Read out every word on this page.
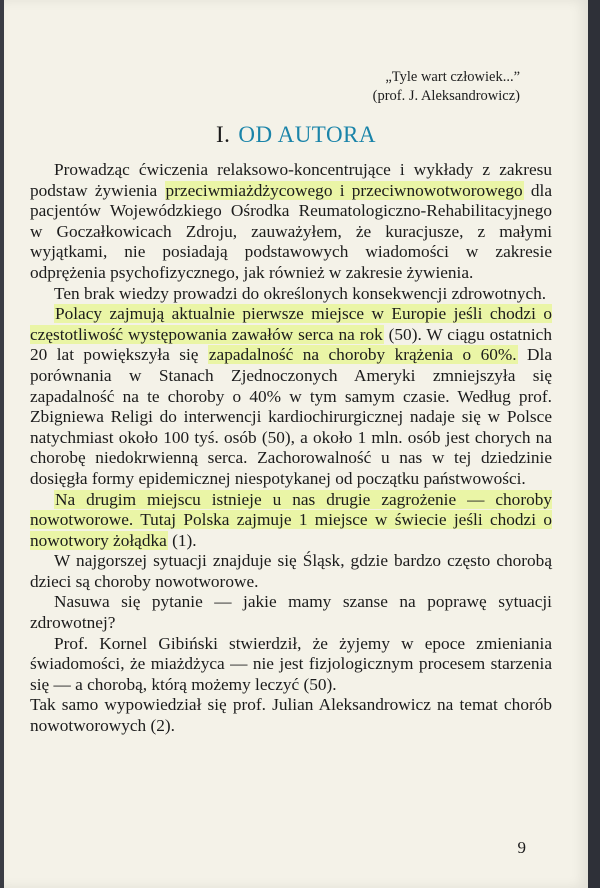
„Tyle wart człowiek...”
(prof. J. Aleksandrowicz)
I. OD AUTORA

Prowadząc ćwiczenia relaksowo-koncentrujące i wykłady z zakresu podstaw żywienia przeciwmiażdżycowego i przeciwnowotworowego dla pacjentów Wojewódzkiego Ośrodka Reumatologiczno-Rehabilitacyjnego w Goczałkowicach Zdroju, zauważyłem, że kuracjusze, z małymi wyjątkami, nie posiadają podstawowych wiadomości w zakresie odprężenia psychofizycznego, jak również w zakresie żywienia.

Ten brak wiedzy prowadzi do określonych konsekwencji zdrowotnych.

Polacy zajmują aktualnie pierwsze miejsce w Europie jeśli chodzi o częstotliwość występowania zawałów serca na rok (50). W ciągu ostatnich 20 lat powiększyła się zapadalność na choroby krążenia o 60%. Dla porównania w Stanach Zjednoczonych Ameryki zmniejszyła się zapadalność na te choroby o 40% w tym samym czasie. Według prof. Zbigniewa Religi do interwencji kardiochirurgicznej nadaje się w Polsce natychmiast około 100 tyś. osób (50), a około 1 mln. osób jest chorych na chorobę niedokrwienną serca. Zachorowalność u nas w tej dziedzinie dosięgła formy epidemicznej niespotykanej od początku państwowości.

Na drugim miejscu istnieje u nas drugie zagrożenie — choroby nowotworowe. Tutaj Polska zajmuje 1 miejsce w świecie jeśli chodzi o nowotwory żołądka (1).

W najgorszej sytuacji znajduje się Śląsk, gdzie bardzo często chorobą dzieci są choroby nowotworowe.

Nasuwa się pytanie — jakie mamy szanse na poprawę sytuacji zdrowotnej?

Prof. Kornel Gibiński stwierdził, że żyjemy w epoce zmieniania świadomości, że miażdżyca — nie jest fizjologicznym procesem starzenia się — a chorobą, którą możemy leczyć (50).

Tak samo wypowiedział się prof. Julian Aleksandrowicz na temat chorób nowotworowych (2).

9
